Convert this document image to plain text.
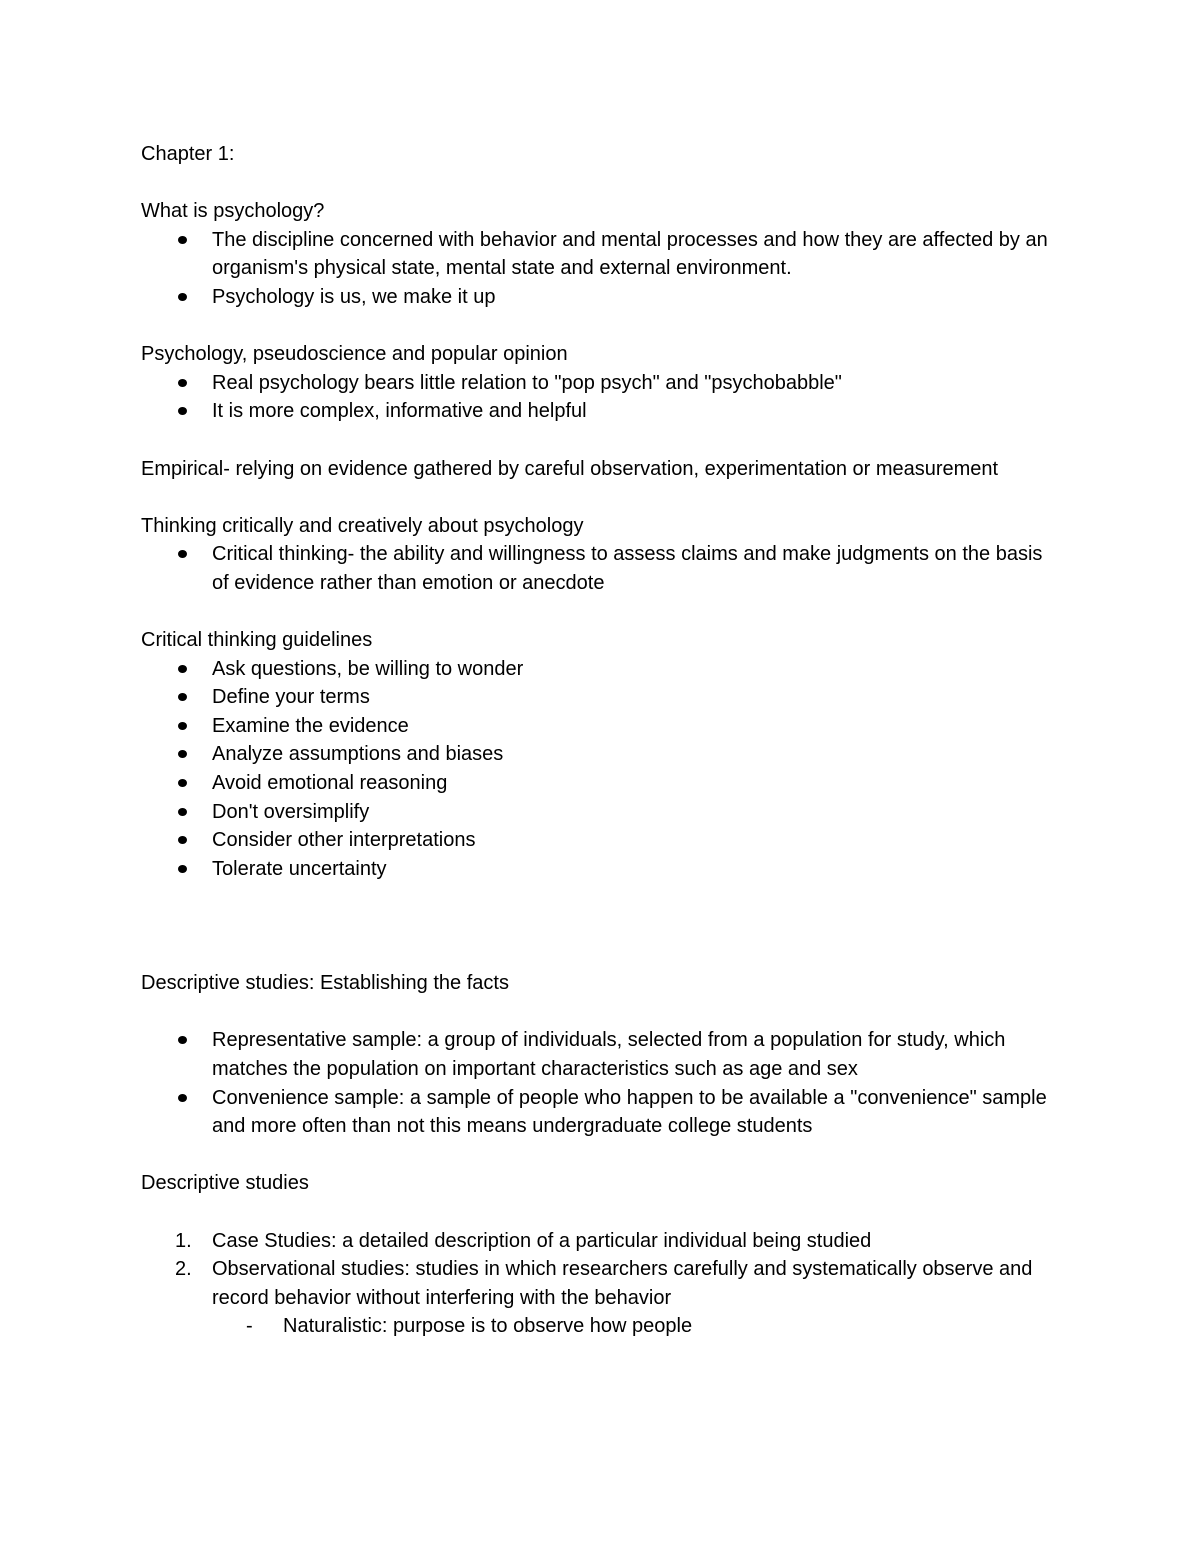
Chapter 1:

What is psychology?

The discipline concerned with behavior and mental processes and how they are affected by an organism's physical state, mental state and external environment.
Psychology is us, we make it up

Psychology, pseudoscience and popular opinion

Real psychology bears little relation to "pop psych" and "psychobabble"
It is more complex, informative and helpful

Empirical- relying on evidence gathered by careful observation, experimentation or measurement

Thinking critically and creatively about psychology

Critical thinking- the ability and willingness to assess claims and make judgments on the basis of evidence rather than emotion or anecdote

Critical thinking guidelines

Ask questions, be willing to wonder
Define your terms
Examine the evidence
Analyze assumptions and biases
Avoid emotional reasoning
Don't oversimplify
Consider other interpretations
Tolerate uncertainty

Descriptive studies: Establishing the facts

Representative sample: a group of individuals, selected from a population for study, which matches the population on important characteristics such as age and sex
Convenience sample: a sample of people who happen to be available a "convenience" sample and more often than not this means undergraduate college students

Descriptive studies

1. Case Studies: a detailed description of a particular individual being studied
2. Observational studies: studies in which researchers carefully and systematically observe and record behavior without interfering with the behavior
- Naturalistic: purpose is to observe how people
